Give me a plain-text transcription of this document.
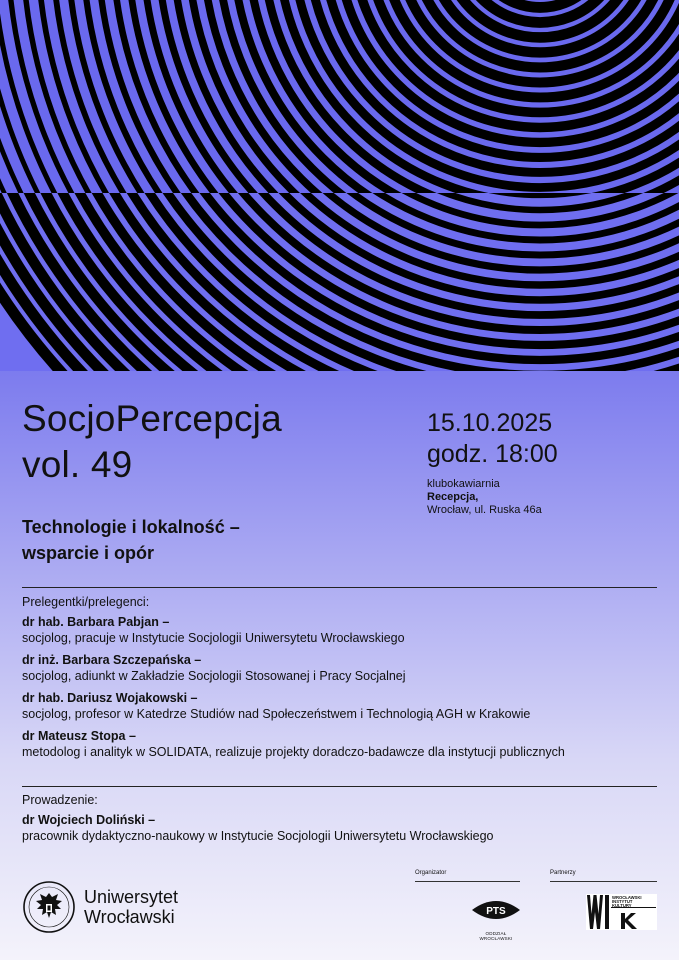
SocjoPercepcja
vol. 49
Technologie i lokalność –
wsparcie i opór
15.10.2025
godz. 18:00
klubokawiarnia
Recepcja,
Wrocław, ul. Ruska 46a
Prelegentki/prelegenci:
dr hab. Barbara Pabjan –
socjolog, pracuje w Instytucie Socjologii Uniwersytetu Wrocławskiego
dr inż. Barbara Szczepańska –
socjolog, adiunkt w Zakładzie Socjologii Stosowanej i Pracy Socjalnej
dr hab. Dariusz Wojakowski –
socjolog, profesor w Katedrze Studiów nad Społeczeństwem i Technologią AGH w Krakowie
dr Mateusz Stopa –
metodolog i analityk w SOLIDATA, realizuje projekty doradczo-badawcze dla instytucji publicznych
Prowadzenie:
dr Wojciech Doliński –
pracownik dydaktyczno-naukowy w Instytucie Socjologii Uniwersytetu Wrocławskiego
Organizator	Partnerzy
Uniwersytet
Wrocławski	PTS
ODDZIAŁ WROCŁAWSKI
WROCŁAWSKI
INSTYTUT
KULTURY
